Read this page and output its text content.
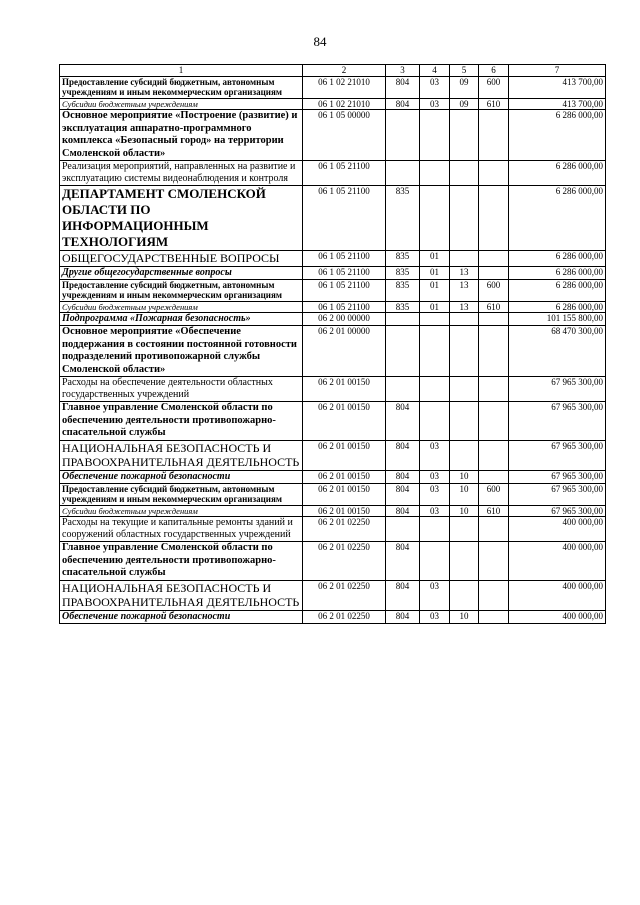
84
1	2	3	4	5	6	7
Предоставление субсидий бюджетным, автономным учреждениям и иным некоммерческим организациям	06 1 02 21010	804	03	09	600	413 700,00
Субсидии бюджетным учреждениям	06 1 02 21010	804	03	09	610	413 700,00
Основное мероприятие «Построение (развитие) и эксплуатация аппаратно-программного комплекса «Безопасный город» на территории Смоленской области»	06 1 05 00000					6 286 000,00
Реализация мероприятий, направленных на развитие и эксплуатацию системы видеонаблюдения и контроля	06 1 05 21100					6 286 000,00
ДЕПАРТАМЕНТ СМОЛЕНСКОЙ ОБЛАСТИ ПО ИНФОРМАЦИОННЫМ ТЕХНОЛОГИЯМ	06 1 05 21100	835				6 286 000,00
ОБЩЕГОСУДАРСТВЕННЫЕ ВОПРОСЫ	06 1 05 21100	835	01			6 286 000,00
Другие общегосударственные вопросы	06 1 05 21100	835	01	13		6 286 000,00
Предоставление субсидий бюджетным, автономным учреждениям и иным некоммерческим организациям	06 1 05 21100	835	01	13	600	6 286 000,00
Субсидии бюджетным учреждениям	06 1 05 21100	835	01	13	610	6 286 000,00
Подпрограмма «Пожарная безопасность»	06 2 00 00000					101 155 800,00
Основное мероприятие «Обеспечение поддержания в состоянии постоянной готовности подразделений противопожарной службы Смоленской области»	06 2 01 00000					68 470 300,00
Расходы на обеспечение деятельности областных государственных учреждений	06 2 01 00150					67 965 300,00
Главное управление Смоленской области по обеспечению деятельности противопожарно-спасательной службы	06 2 01 00150	804				67 965 300,00
НАЦИОНАЛЬНАЯ БЕЗОПАСНОСТЬ И ПРАВООХРАНИТЕЛЬНАЯ ДЕЯТЕЛЬНОСТЬ	06 2 01 00150	804	03			67 965 300,00
Обеспечение пожарной безопасности	06 2 01 00150	804	03	10		67 965 300,00
Предоставление субсидий бюджетным, автономным учреждениям и иным некоммерческим организациям	06 2 01 00150	804	03	10	600	67 965 300,00
Субсидии бюджетным учреждениям	06 2 01 00150	804	03	10	610	67 965 300,00
Расходы на текущие и капитальные ремонты зданий и сооружений областных государственных учреждений	06 2 01 02250					400 000,00
Главное управление Смоленской области по обеспечению деятельности противопожарно-спасательной службы	06 2 01 02250	804				400 000,00
НАЦИОНАЛЬНАЯ БЕЗОПАСНОСТЬ И ПРАВООХРАНИТЕЛЬНАЯ ДЕЯТЕЛЬНОСТЬ	06 2 01 02250	804	03			400 000,00
Обеспечение пожарной безопасности	06 2 01 02250	804	03	10		400 000,00
